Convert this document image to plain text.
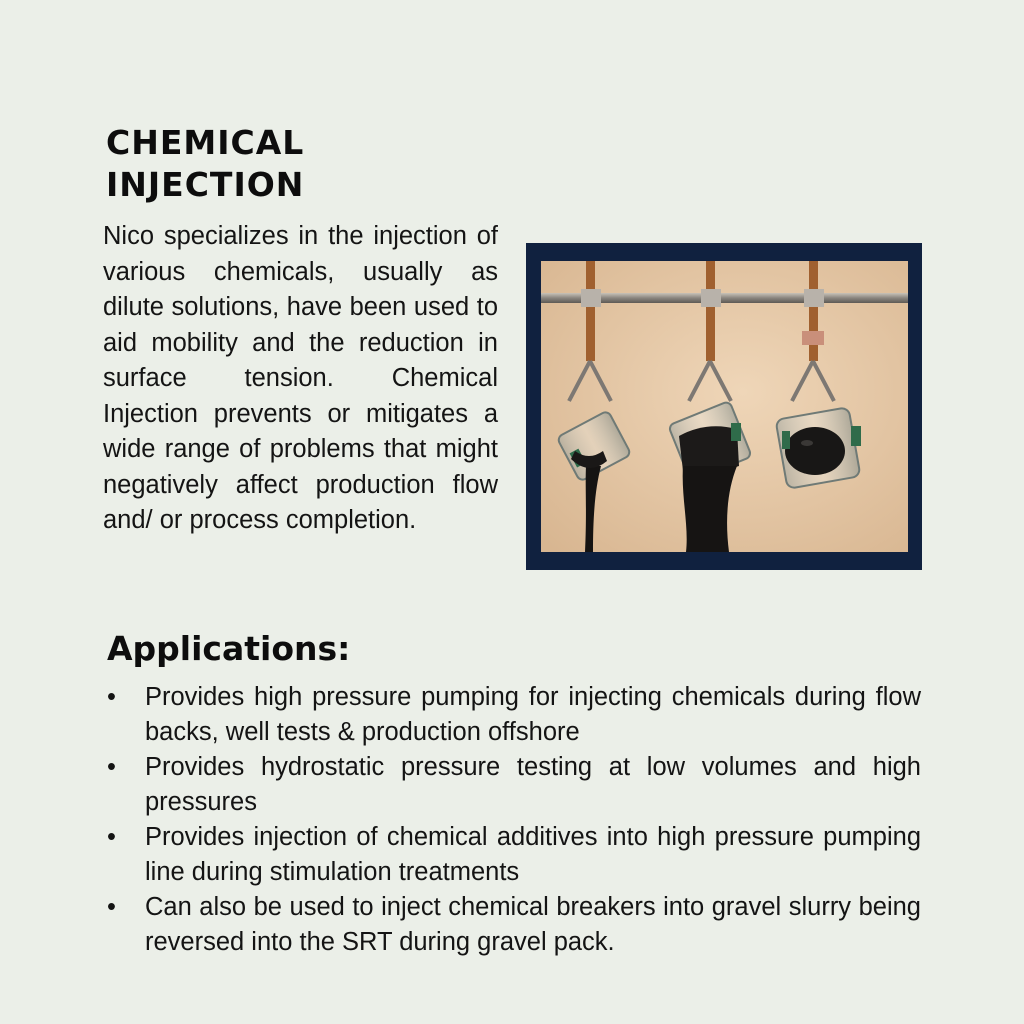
CHEMICAL
INJECTION

Nico specializes in the injection of various chemicals, usually as dilute solutions, have been used to aid mobility and the reduction in surface tension. Chemical Injection prevents or mitigates a wide range of problems that might negatively affect production flow and/ or process completion.

Applications:
• Provides high pressure pumping for injecting chemicals during flow backs, well tests & production offshore
• Provides hydrostatic pressure testing at low volumes and high pressures
• Provides injection of chemical additives into high pressure pumping line during stimulation treatments
• Can also be used to inject chemical breakers into gravel slurry being reversed into the SRT during gravel pack.
